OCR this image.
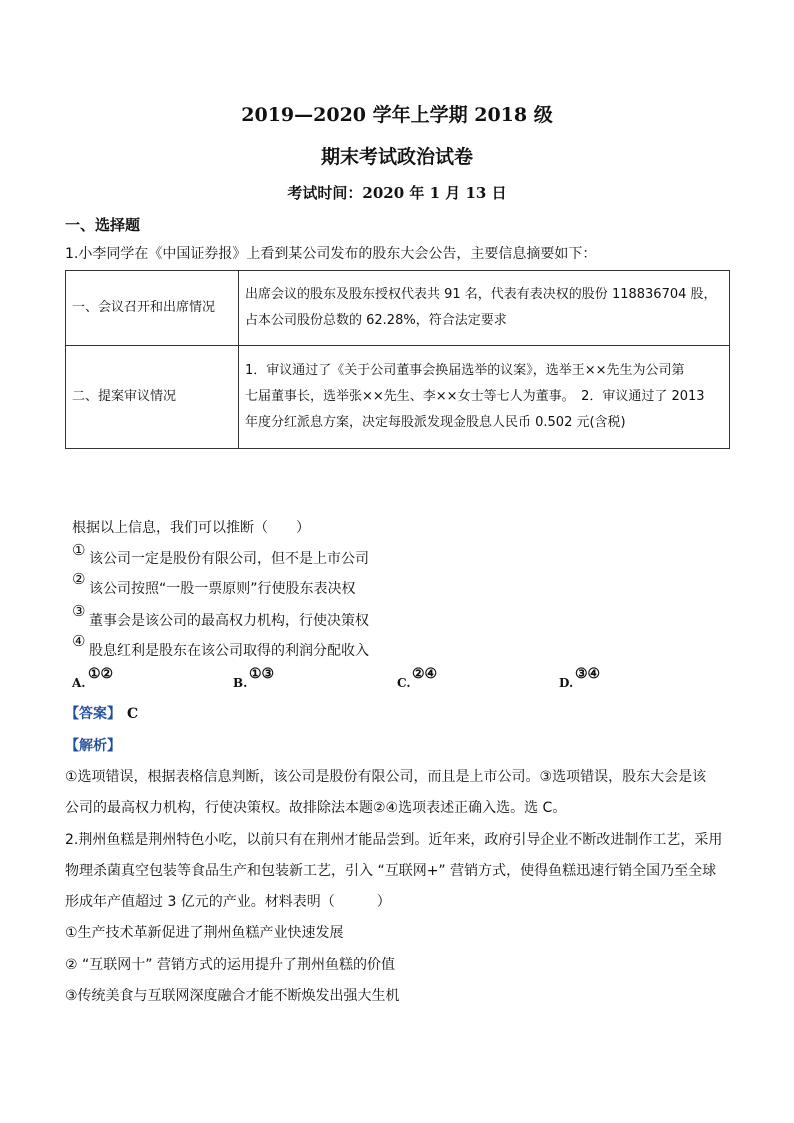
2019—2020 学年上学期 2018 级
期末考试政治试卷
考试时间：2020 年 1 月 13 日
一、选择题
1.小李同学在《中国证券报》上看到某公司发布的股东大会公告，主要信息摘要如下：
一、会议召开和出席情况	出席会议的股东及股东授权代表共 91 名，代表有表决权的股份 118836704 股，
占本公司股份总数的 62.28%，符合法定要求

二、提案审议情况	1．审议通过了《关于公司董事会换届选举的议案》，选举王××先生为公司第
七届董事长，选举张××先生、李××女士等七人为董事。　2．审议通过了 2013
年度分红派息方案，决定每股派发现金股息人民币 0.502 元(含税)
根据以上信息，我们可以推断（　　）
① 该公司一定是股份有限公司，但不是上市公司
②
该公司按照“一股一票原则”行使股东表决权
③
董事会是该公司的最高权力机构，行使决策权
④
股息红利是股东在该公司取得的利润分配收入
A.
①②
B.
①③
C.
②④
D.
③④
【答案】 C
【解析】
①选项错误，根据表格信息判断，该公司是股份有限公司，而且是上市公司。③选项错误，股东大会是该
公司的最高权力机构，行使决策权。故排除法本题②④选项表述正确入选。选 C。
2.荆州鱼糕是荆州特色小吃，以前只有在荆州才能品尝到。近年来，政府引导企业不断改进制作工艺，采用
物理杀菌真空包装等食品生产和包装新工艺，引入 “互联网+” 营销方式，使得鱼糕迅速行销全国乃至全球
形成年产值超过 3 亿元的产业。材料表明（　　　）
①生产技术革新促进了荆州鱼糕产业快速发展
② “互联网十” 营销方式的运用提升了荆州鱼糕的价值
③传统美食与互联网深度融合才能不断焕发出强大生机
